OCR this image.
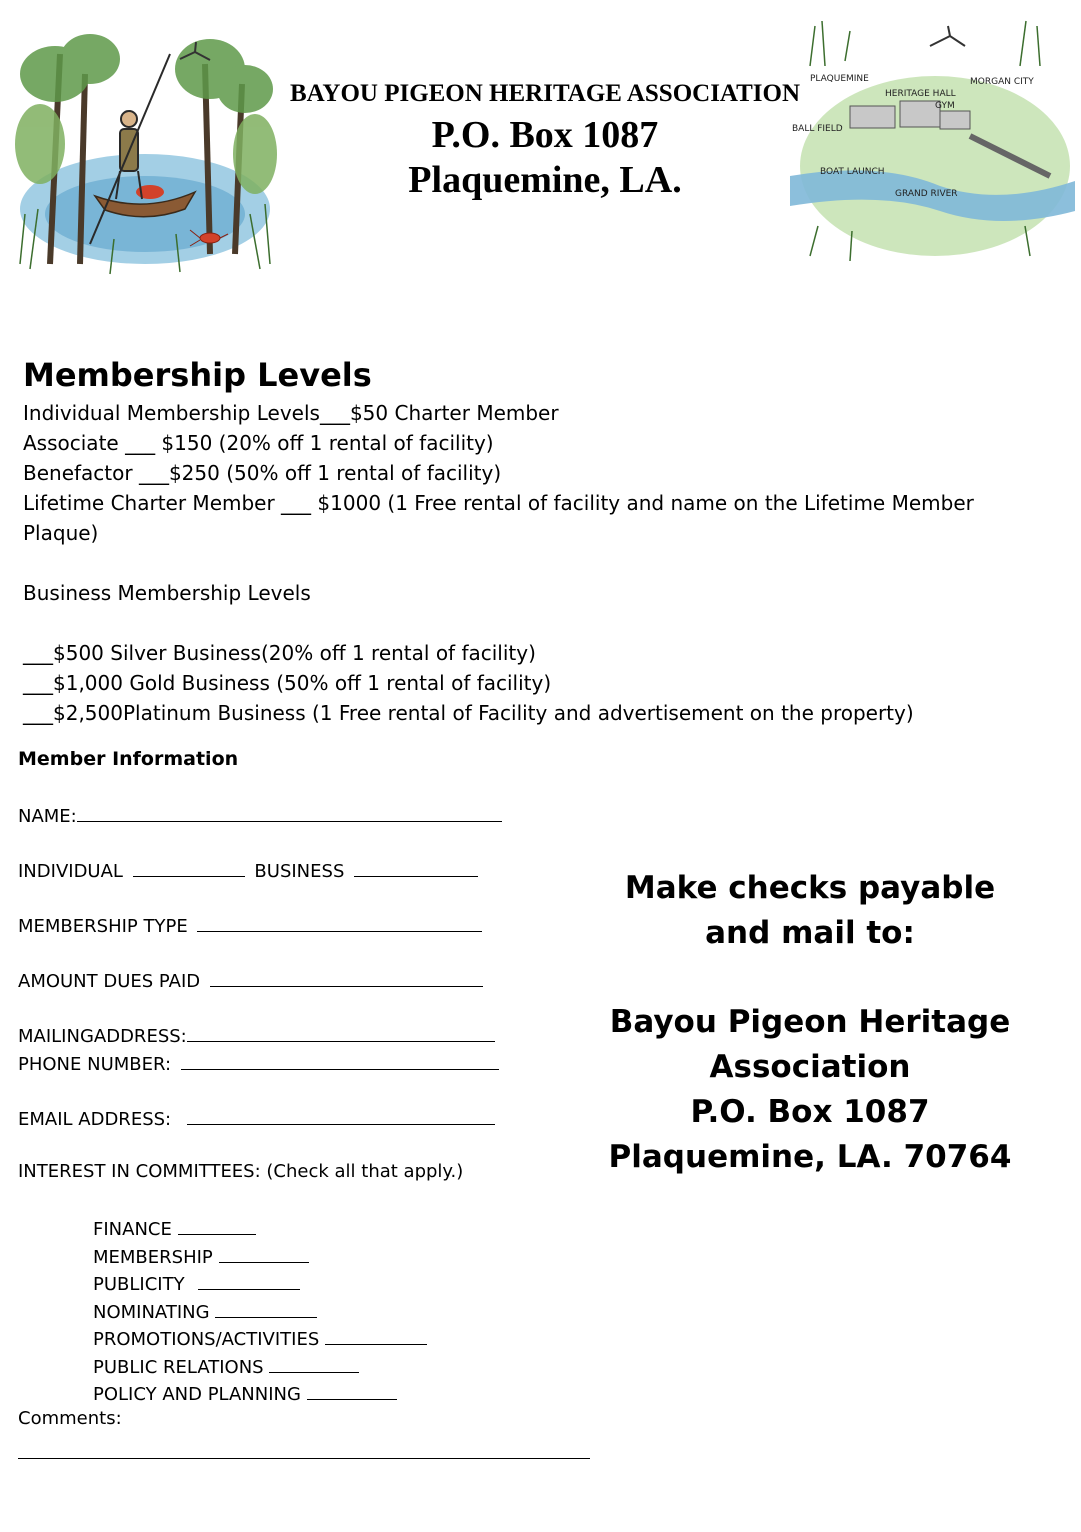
PLAQUEMINE	MORGAN CITY
HERITAGE HALL
GYM
BALL FIELD
BOAT LAUNCH
GRAND RIVER
BAYOU PIGEON HERITAGE ASSOCIATION
P.O. Box 1087
Plaquemine, LA.
Membership Levels
Individual Membership Levels___$50 Charter Member
Associate ___ $150 (20% off 1 rental of facility)
Benefactor ___$250 (50% off 1 rental of facility)
Lifetime Charter Member ___ $1000 (1 Free rental of facility and name on the Lifetime Member
Plaque)
Business Membership Levels
___$500 Silver Business(20% off 1 rental of facility)
___$1,000 Gold Business (50% off 1 rental of facility)
___$2,500Platinum Business (1 Free rental of Facility and advertisement on the property)
Member Information
NAME:
INDIVIDUAL	BUSINESS
MEMBERSHIP TYPE
AMOUNT DUES PAID
MAILINGADDRESS:
PHONE NUMBER:
EMAIL ADDRESS:
INTEREST IN COMMITTEES: (Check all that apply.)
FINANCE
MEMBERSHIP
PUBLICITY
NOMINATING
PROMOTIONS/ACTIVITIES
PUBLIC RELATIONS
POLICY AND PLANNING
Comments:
Make checks payable
and mail to:
Bayou Pigeon Heritage
Association
P.O. Box 1087
Plaquemine, LA. 70764
